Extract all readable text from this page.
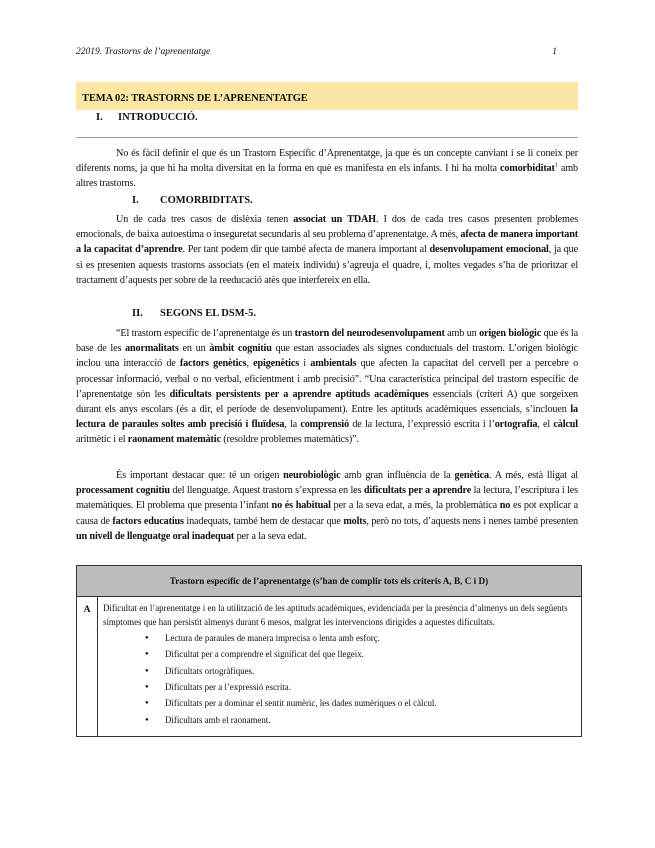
22019. Trastorns de l’aprenentatge	1
TEMA 02: TRASTORNS DE L’APRENENTATGE
I. INTRODUCCIÓ.
No és fàcil definir el que és un Trastorn Específic d’Aprenentatge, ja que és un concepte canviant i se li coneix per diferents noms, ja que hi ha molta diversitat en la forma en què es manifesta en els infants. I hi ha molta comorbiditat$^1$ amb altres trastorns.
I. COMORBIDITATS.
Un de cada tres casos de dislèxia tenen associat un TDAH. I dos de cada tres casos presenten problemes emocionals, de baixa autoestima o inseguretat secundaris al seu problema d’aprenentatge. A més, afecta de manera important a la capacitat d’aprendre. Per tant podem dir que també afecta de manera important al desenvolupament emocional, ja que si es presenten aquests trastorns associats (en el mateix individu) s’agreuja el quadre, i, moltes vegades s’ha de prioritzar el tractament d’aquests per sobre de la reeducació atès que interfereix en ella.
II. SEGONS EL DSM-5.
“El trastorn específic de l’aprenentatge és un trastorn del neurodesenvolupament amb un origen biològic que és la base de les anormalitats en un àmbit cognitiu que estan associades als signes conductuals del trastorn. L’origen biològic inclou una interacció de factors genètics, epigenètics i ambientals que afecten la capacitat del cervell per a percebre o processar informació, verbal o no verbal, eficientment i amb precisió”. “Una característica principal del trastorn específic de l’aprenentatge són les dificultats persistents per a aprendre aptituds acadèmiques essencials (criteri A) que sorgeixen durant els anys escolars (és a dir, el període de desenvolupament). Entre les aptituds acadèmiques essencials, s’inclouen la lectura de paraules soltes amb precisió i fluïdesa, la comprensió de la lectura, l’expressió escrita i l’ortografia, el càlcul aritmètic i el raonament matemàtic (resoldre problemes matemàtics)”.
És important destacar que: té un origen neurobiològic amb gran influència de la genètica. A més, està lligat al processament cognitiu del llenguatge. Aquest trastorn s’expressa en les dificultats per a aprendre la lectura, l’escriptura i les matemàtiques. El problema que presenta l’infant no és habitual per a la seva edat, a més, la problemàtica no es pot explicar a causa de factors educatius inadequats, també hem de destacar que molts, però no tots, d’aquests nens i nenes també presenten un nivell de llenguatge oral inadequat per a la seva edat.
Trastorn específic de l’aprenentatge (s’han de complir tots els criteris A, B, C i D)
A	Dificultat en l’aprenentatge i en la utilització de les aptituds acadèmiques, evidenciada per la presència d’almenys un dels següents símptomes que han persistit almenys durant 6 mesos, malgrat les intervencions dirigides a aquestes dificultats.
● Lectura de paraules de manera imprecisa o lenta amb esforç.
● Dificultat per a comprendre el significat del que llegeix.
● Dificultats ortogràfiques.
● Dificultats per a l’expressió escrita.
● Dificultats per a dominar el sentit numèric, les dades numèriques o el càlcul.
● Dificultats amb el raonament.
